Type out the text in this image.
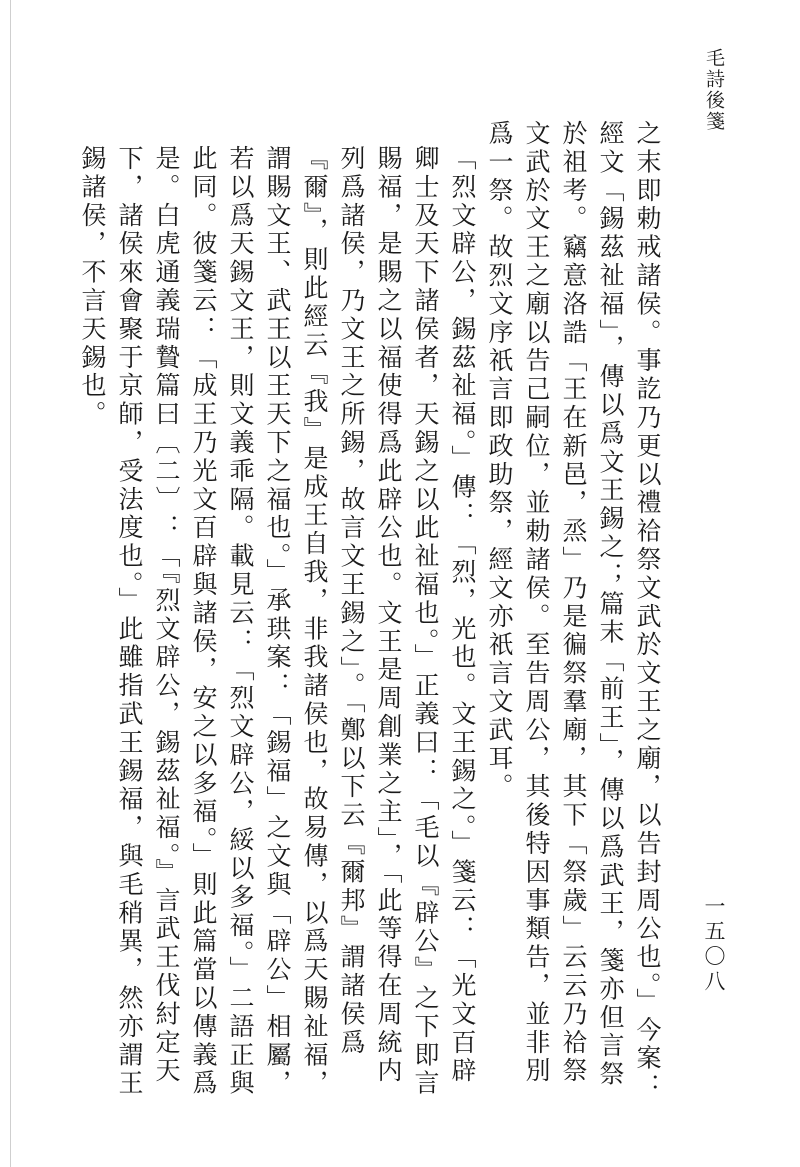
毛詩後箋
一五〇八

之末即勅戒諸侯。事訖乃更以禮祫祭文武於文王之廟，以告封周公也。」今案：經文「錫茲祉福」，傳以爲文王錫之；篇末「前王」，傳以爲武王，箋亦但言祭於祖考。竊意洛誥「王在新邑，烝」乃是徧祭羣廟，其下「祭歲」云云乃祫祭文武於文王之廟以告己嗣位，並勅諸侯。至告周公，其後特因事類告，並非別爲一祭。故烈文序祇言即政助祭，經文亦祇言文武耳。

「烈文辟公，錫茲祉福。」傳：「烈，光也。文王錫之。」箋云：「光文百辟卿士及天下諸侯者，天錫之以此祉福也。」正義曰：「毛以『辟公』之下即言賜福，是賜之以福使得爲此辟公也。文王是周創業之主」，「此等得在周統内列爲諸侯，乃文王之所錫，故言文王錫之」。「鄭以下云『爾邦』謂諸侯爲『爾』，則此經云『我』是成王自我，非我諸侯也，故易傳，以爲天賜祉福，謂賜文王、武王以王天下之福也。」承珙案：「錫福」之文與「辟公」相屬，若以爲天錫文王，則文義乖隔。載見云：「烈文辟公，綏以多福。」二語正與此同。彼箋云：「成王乃光文百辟與諸侯，安之以多福。」則此篇當以傳義爲是。白虎通義瑞贄篇曰〔二〕：「『烈文辟公，錫茲祉福。』言武王伐紂定天下，諸侯來會聚于京師，受法度也。」此雖指武王錫福，與毛稍異，然亦謂王錫諸侯，不言天錫也。
